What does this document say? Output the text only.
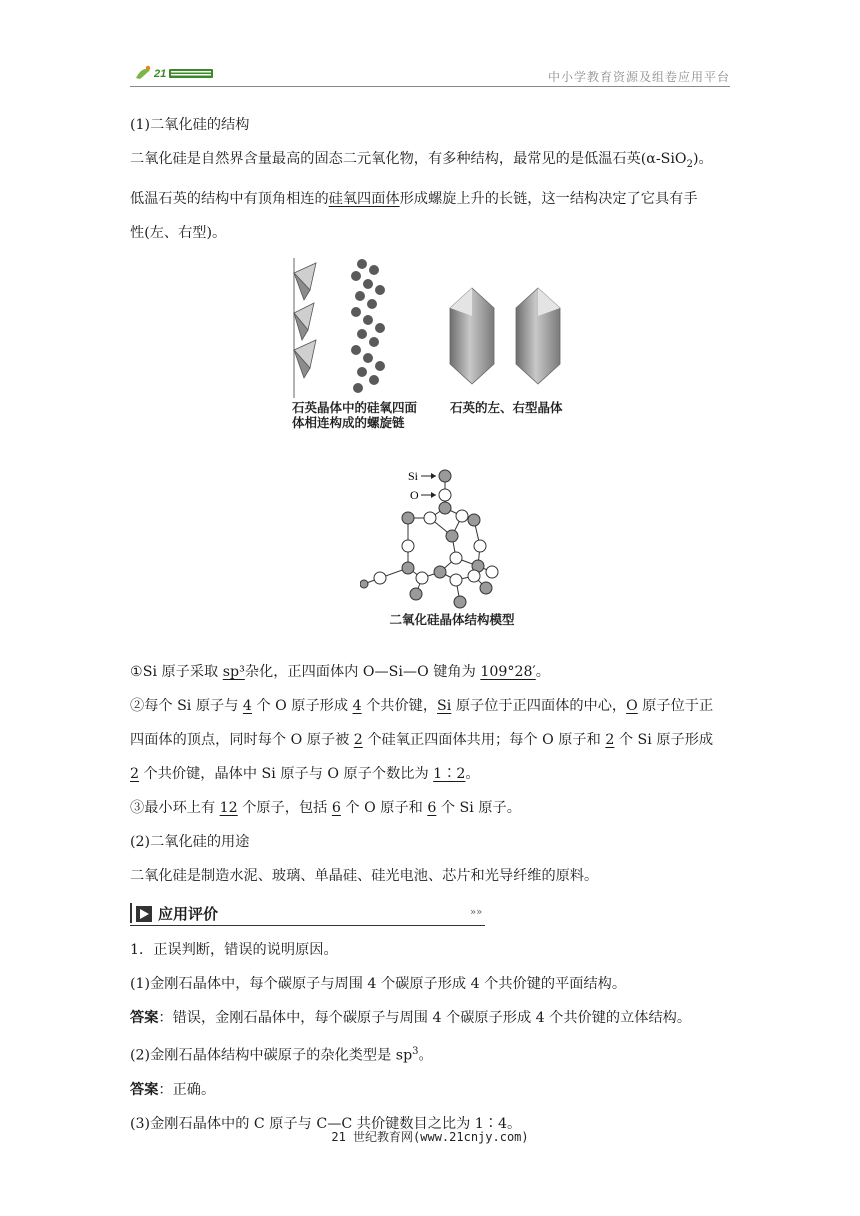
21	中小学教育资源及组卷应用平台
(1)二氧化硅的结构
二氧化硅是自然界含量最高的固态二元氧化物，有多种结构，最常见的是低温石英(α-SiO$_2$)。
低温石英的结构中有顶角相连的硅氧四面体形成螺旋上升的长链，这一结构决定了它具有手
性(左、右型)。
石英晶体中的硅氧四面体相连构成的螺旋链
石英的左、右型晶体
Si
O
二氧化硅晶体结构模型
①Si 原子采取 sp³杂化，正四面体内 O—Si—O 键角为 109°28′。
②每个 Si 原子与 4 个 O 原子形成 4 个共价键，Si 原子位于正四面体的中心，O 原子位于正
四面体的顶点，同时每个 O 原子被 2 个硅氧正四面体共用；每个 O 原子和 2 个 Si 原子形成
2 个共价键，晶体中 Si 原子与 O 原子个数比为 1∶2。
③最小环上有 12 个原子，包括 6 个 O 原子和 6 个 Si 原子。
(2)二氧化硅的用途
二氧化硅是制造水泥、玻璃、单晶硅、硅光电池、芯片和光导纤维的原料。
应用评价	»»
1．正误判断，错误的说明原因。
(1)金刚石晶体中，每个碳原子与周围 4 个碳原子形成 4 个共价键的平面结构。
答案：错误，金刚石晶体中，每个碳原子与周围 4 个碳原子形成 4 个共价键的立体结构。
(2)金刚石晶体结构中碳原子的杂化类型是 $sp^3$。
答案：正确。
(3)金刚石晶体中的 C 原子与 C—C 共价键数目之比为 1∶4。
21 世纪教育网(www.21cnjy.com)
